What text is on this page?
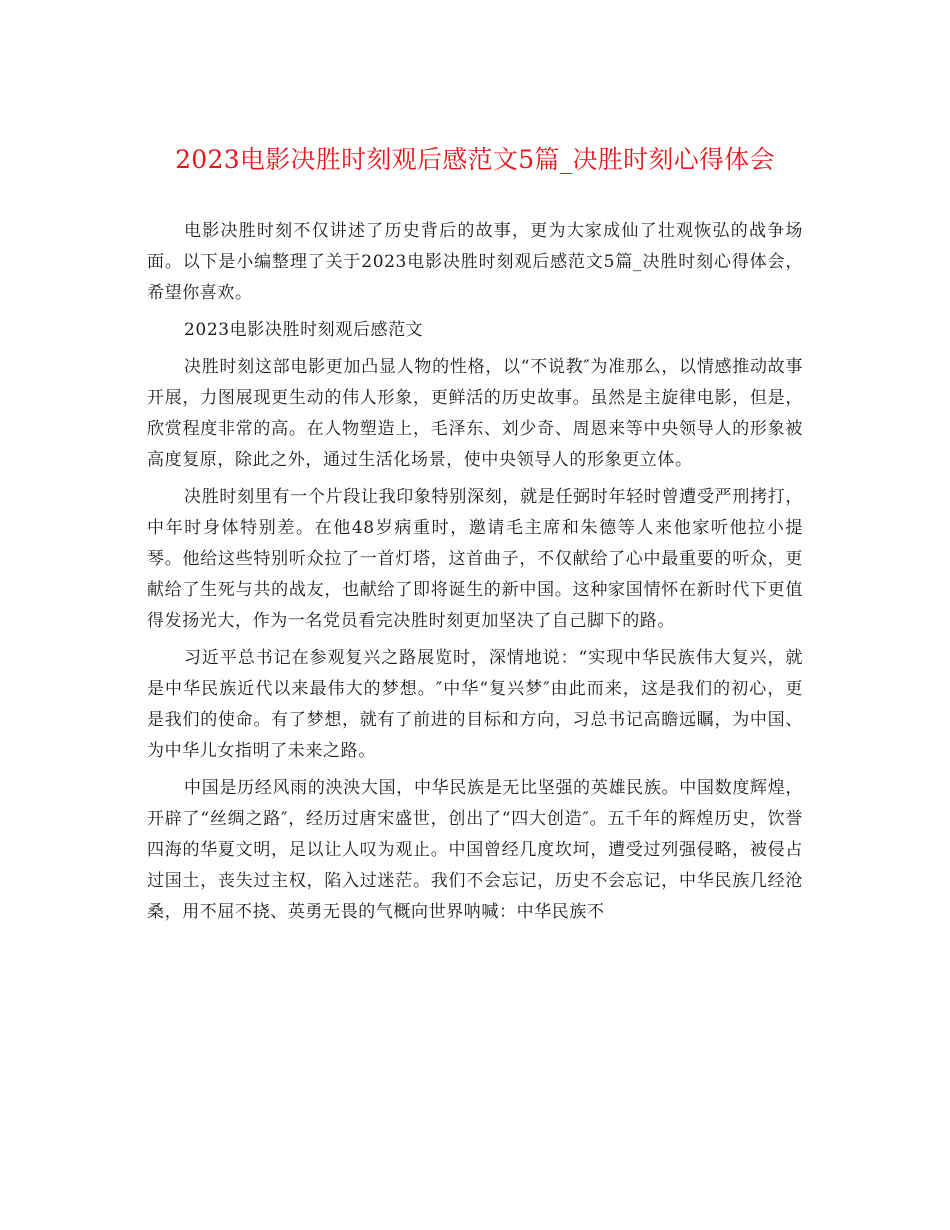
2023电影决胜时刻观后感范文5篇_决胜时刻心得体会

电影决胜时刻不仅讲述了历史背后的故事，更为大家成仙了壮观恢弘的战争场面。以下是小编整理了关于2023电影决胜时刻观后感范文5篇_决胜时刻心得体会，希望你喜欢。

2023电影决胜时刻观后感范文

决胜时刻这部电影更加凸显人物的性格，以“不说教″为准那么，以情感推动故事开展，力图展现更生动的伟人形象，更鲜活的历史故事。虽然是主旋律电影，但是，欣赏程度非常的高。在人物塑造上，毛泽东、刘少奇、周恩来等中央领导人的形象被高度复原，除此之外，通过生活化场景，使中央领导人的形象更立体。

决胜时刻里有一个片段让我印象特别深刻，就是任弼时年轻时曾遭受严刑拷打，中年时身体特别差。在他48岁病重时，邀请毛主席和朱德等人来他家听他拉小提琴。他给这些特别听众拉了一首灯塔，这首曲子，不仅献给了心中最重要的听众，更献给了生死与共的战友，也献给了即将诞生的新中国。这种家国情怀在新时代下更值得发扬光大，作为一名党员看完决胜时刻更加坚决了自己脚下的路。

习近平总书记在参观复兴之路展览时，深情地说：“实现中华民族伟大复兴，就是中华民族近代以来最伟大的梦想。″中华“复兴梦″由此而来，这是我们的初心，更是我们的使命。有了梦想，就有了前进的目标和方向，习总书记高瞻远瞩，为中国、为中华儿女指明了未来之路。

中国是历经风雨的泱泱大国，中华民族是无比坚强的英雄民族。中国数度辉煌，开辟了“丝绸之路″，经历过唐宋盛世，创出了“四大创造″。五千年的辉煌历史，饮誉四海的华夏文明，足以让人叹为观止。中国曾经几度坎坷，遭受过列强侵略，被侵占过国土，丧失过主权，陷入过迷茫。我们不会忘记，历史不会忘记，中华民族几经沧桑，用不屈不挠、英勇无畏的气概向世界呐喊：中华民族不
